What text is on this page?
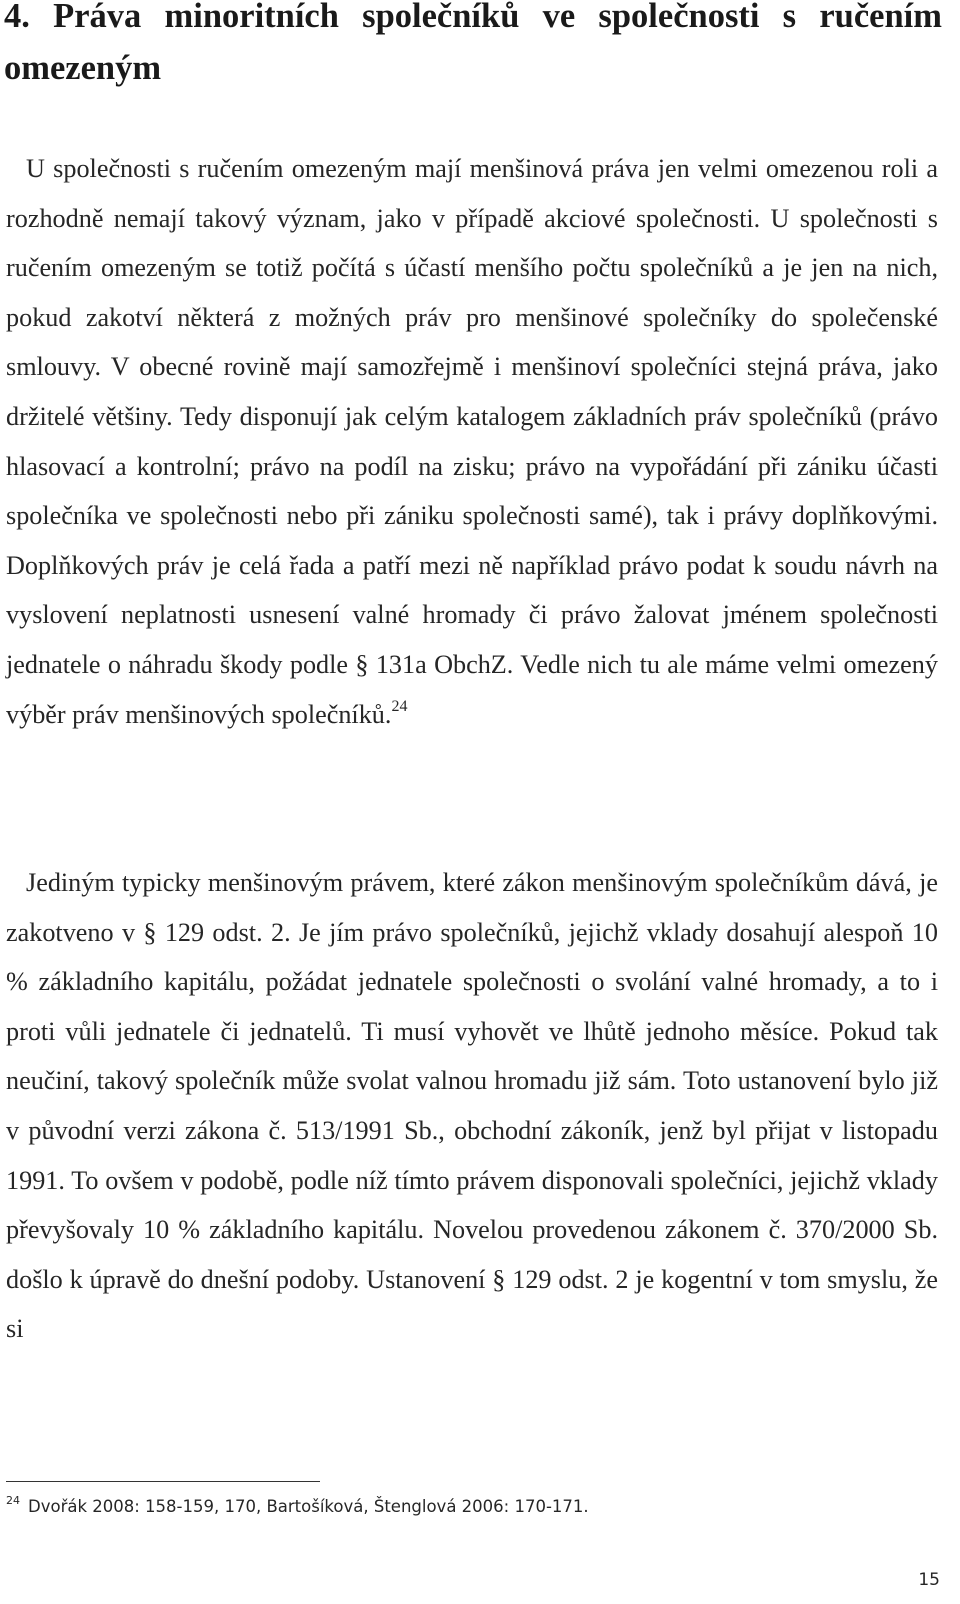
4. Práva minoritních společníků ve společnosti s ručením omezeným

U společnosti s ručením omezeným mají menšinová práva jen velmi omezenou roli a rozhodně nemají takový význam, jako v případě akciové společnosti. U společnosti s ručením omezeným se totiž počítá s účastí menšího počtu společníků a je jen na nich, pokud zakotví některá z možných práv pro menšinové společníky do společenské smlouvy. V obecné rovině mají samozřejmě i menšinoví společníci stejná práva, jako držitelé většiny. Tedy disponují jak celým katalogem základních práv společníků (právo hlasovací a kontrolní; právo na podíl na zisku; právo na vypořádání při zániku účasti společníka ve společnosti nebo při zániku společnosti samé), tak i právy doplňkovými. Doplňkových práv je celá řada a patří mezi ně například právo podat k soudu návrh na vyslovení neplatnosti usnesení valné hromady či právo žalovat jménem společnosti jednatele o náhradu škody podle § 131a ObchZ. Vedle nich tu ale máme velmi omezený výběr práv menšinových společníků.$^{24}$

Jediným typicky menšinovým právem, které zákon menšinovým společníkům dává, je zakotveno v § 129 odst. 2. Je jím právo společníků, jejichž vklady dosahují alespoň 10 % základního kapitálu, požádat jednatele společnosti o svolání valné hromady, a to i proti vůli jednatele či jednatelů. Ti musí vyhovět ve lhůtě jednoho měsíce. Pokud tak neučiní, takový společník může svolat valnou hromadu již sám. Toto ustanovení bylo již v původní verzi zákona č. 513/1991 Sb., obchodní zákoník, jenž byl přijat v listopadu 1991. To ovšem v podobě, podle níž tímto právem disponovali společníci, jejichž vklady převyšovaly 10 % základního kapitálu. Novelou provedenou zákonem č. 370/2000 Sb. došlo k úpravě do dnešní podoby. Ustanovení § 129 odst. 2 je kogentní v tom smyslu, že si

$^{24}$ Dvořák 2008: 158-159, 170, Bartošíková, Štenglová 2006: 170-171.

15
